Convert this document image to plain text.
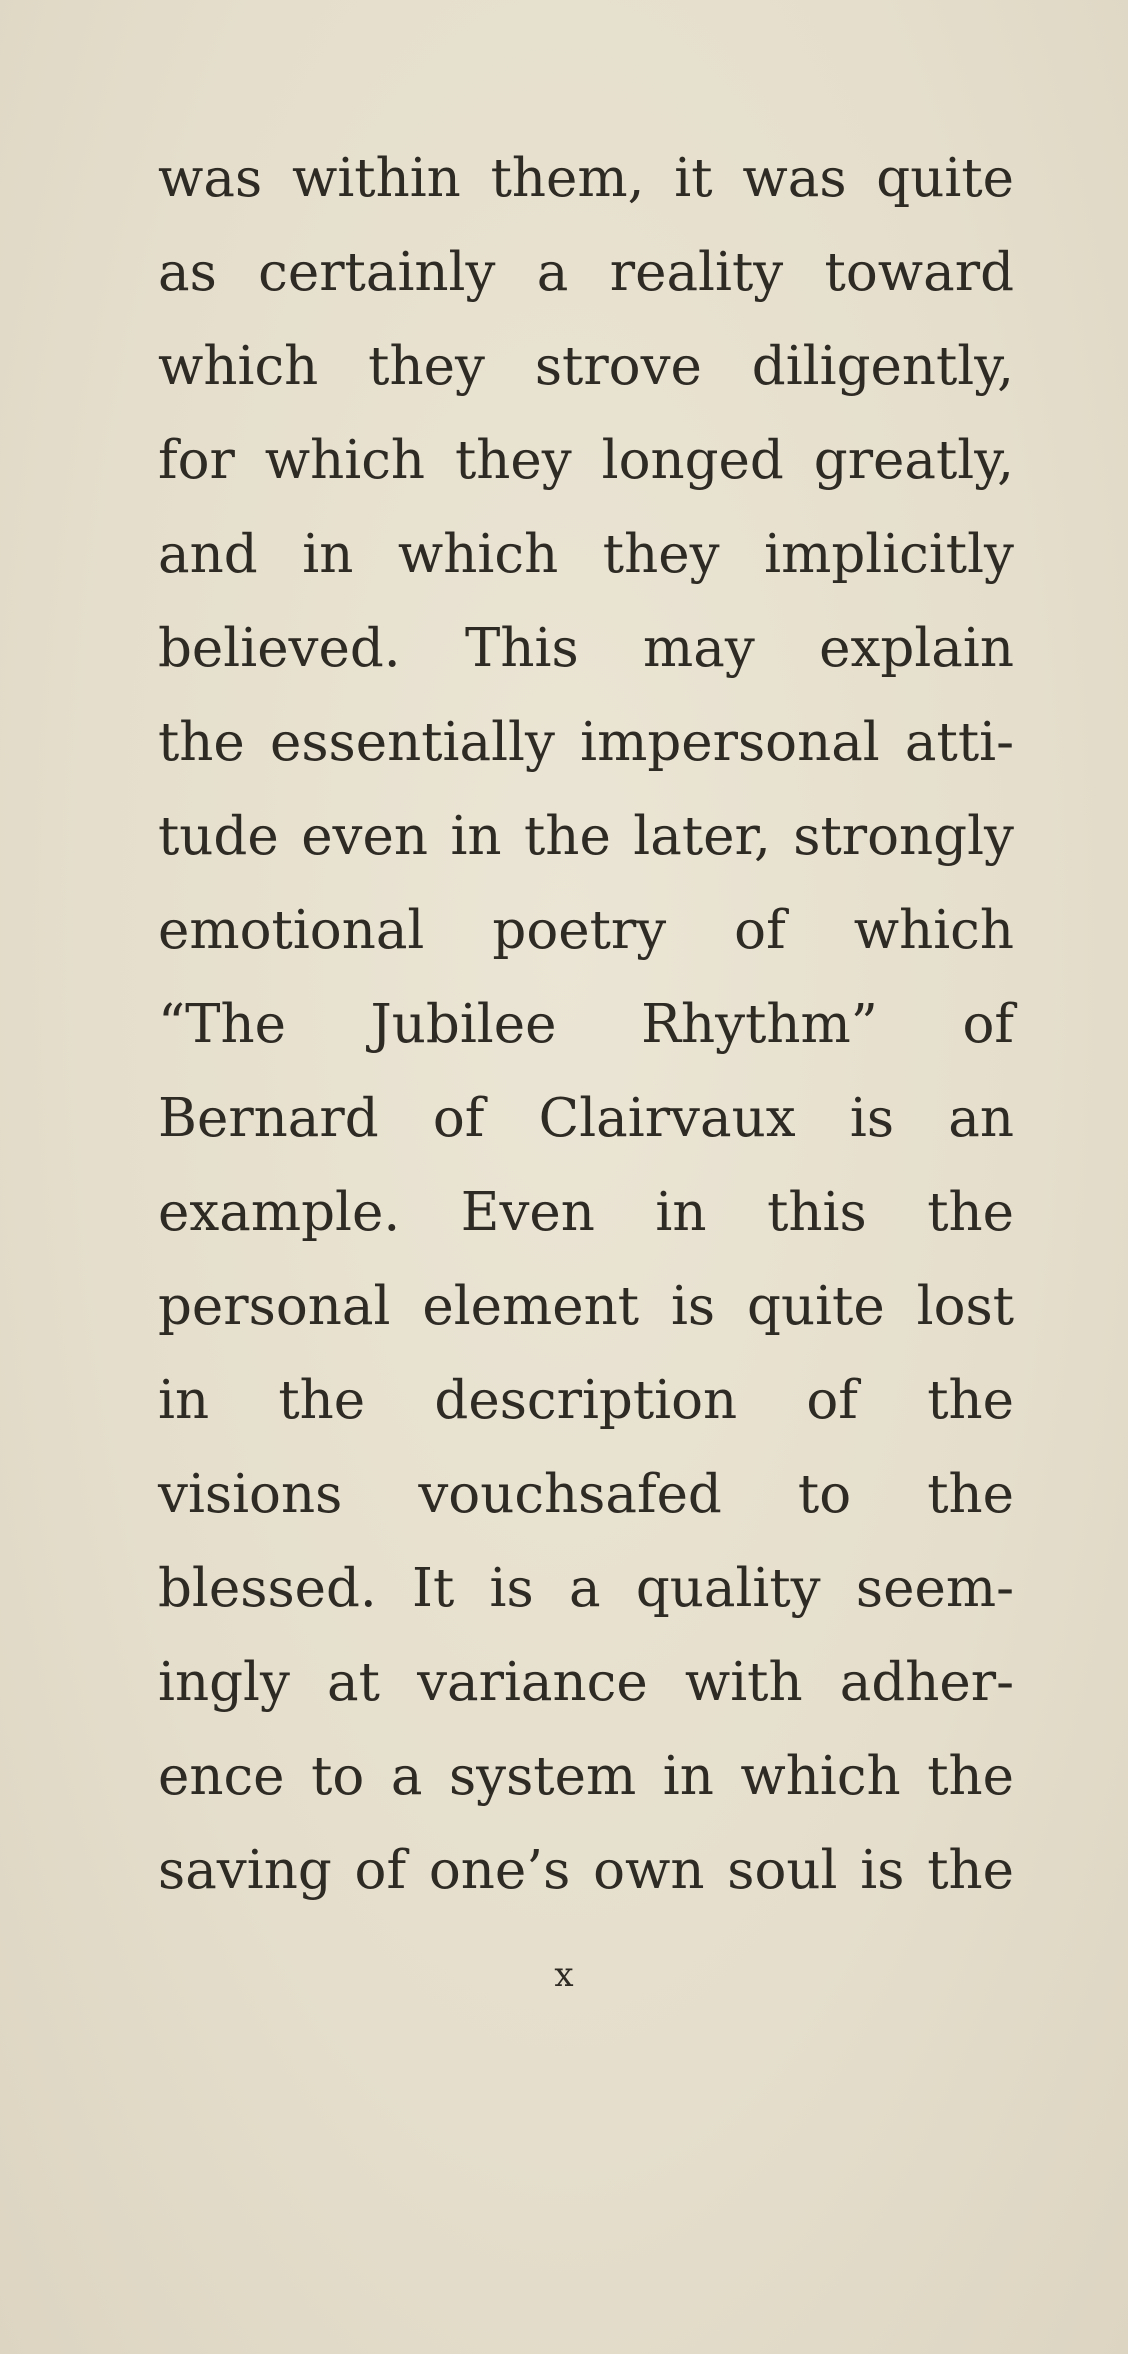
was within them, it was quite
as certainly a reality toward
which they strove diligently,
for which they longed greatly,
and in which they implicitly
believed. This may explain
the essentially impersonal atti-
tude even in the later, strongly
emotional poetry of which
“The Jubilee Rhythm” of
Bernard of Clairvaux is an
example. Even in this the
personal element is quite lost
in the description of the
visions vouchsafed to the
blessed. It is a quality seem-
ingly at variance with adher-
ence to a system in which the
saving of one’s own soul is the
x
